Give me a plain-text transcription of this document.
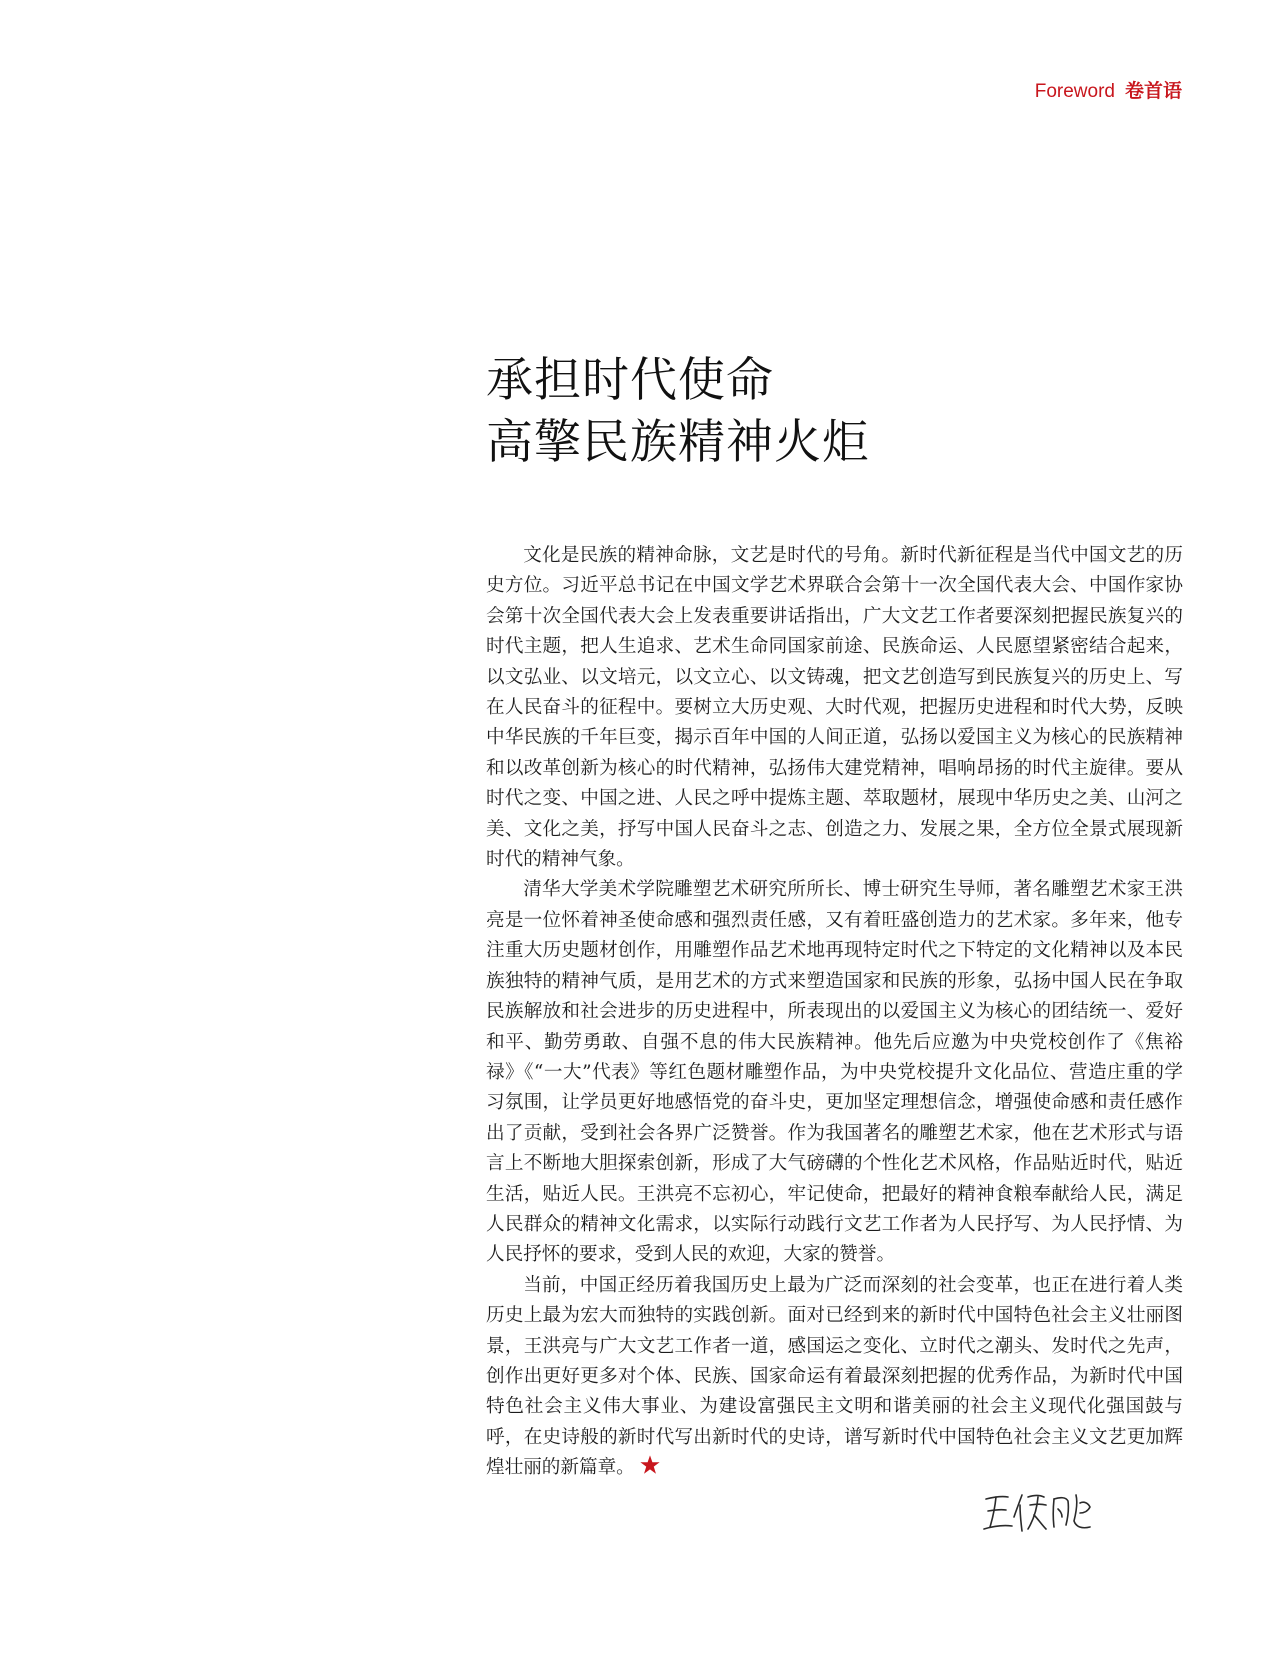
Foreword 卷首语
承担时代使命
高擎民族精神火炬

文化是民族的精神命脉，文艺是时代的号角。新时代新征程是当代中国文艺的历史方位。习近平总书记在中国文学艺术界联合会第十一次全国代表大会、中国作家协会第十次全国代表大会上发表重要讲话指出，广大文艺工作者要深刻把握民族复兴的时代主题，把人生追求、艺术生命同国家前途、民族命运、人民愿望紧密结合起来，以文弘业、以文培元，以文立心、以文铸魂，把文艺创造写到民族复兴的历史上、写在人民奋斗的征程中。要树立大历史观、大时代观，把握历史进程和时代大势，反映中华民族的千年巨变，揭示百年中国的人间正道，弘扬以爱国主义为核心的民族精神和以改革创新为核心的时代精神，弘扬伟大建党精神，唱响昂扬的时代主旋律。要从时代之变、中国之进、人民之呼中提炼主题、萃取题材，展现中华历史之美、山河之美、文化之美，抒写中国人民奋斗之志、创造之力、发展之果，全方位全景式展现新时代的精神气象。

清华大学美术学院雕塑艺术研究所所长、博士研究生导师，著名雕塑艺术家王洪亮是一位怀着神圣使命感和强烈责任感，又有着旺盛创造力的艺术家。多年来，他专注重大历史题材创作，用雕塑作品艺术地再现特定时代之下特定的文化精神以及本民族独特的精神气质，是用艺术的方式来塑造国家和民族的形象，弘扬中国人民在争取民族解放和社会进步的历史进程中，所表现出的以爱国主义为核心的团结统一、爱好和平、勤劳勇敢、自强不息的伟大民族精神。他先后应邀为中央党校创作了《焦裕禄》《“一大”代表》等红色题材雕塑作品，为中央党校提升文化品位、营造庄重的学习氛围，让学员更好地感悟党的奋斗史，更加坚定理想信念，增强使命感和责任感作出了贡献，受到社会各界广泛赞誉。作为我国著名的雕塑艺术家，他在艺术形式与语言上不断地大胆探索创新，形成了大气磅礴的个性化艺术风格，作品贴近时代，贴近生活，贴近人民。王洪亮不忘初心，牢记使命，把最好的精神食粮奉献给人民，满足人民群众的精神文化需求，以实际行动践行文艺工作者为人民抒写、为人民抒情、为人民抒怀的要求，受到人民的欢迎，大家的赞誉。

当前，中国正经历着我国历史上最为广泛而深刻的社会变革，也正在进行着人类历史上最为宏大而独特的实践创新。面对已经到来的新时代中国特色社会主义壮丽图景，王洪亮与广大文艺工作者一道，感国运之变化、立时代之潮头、发时代之先声，创作出更好更多对个体、民族、国家命运有着最深刻把握的优秀作品，为新时代中国特色社会主义伟大事业、为建设富强民主文明和谐美丽的社会主义现代化强国鼓与呼，在史诗般的新时代写出新时代的史诗，谱写新时代中国特色社会主义文艺更加辉煌壮丽的新篇章。
